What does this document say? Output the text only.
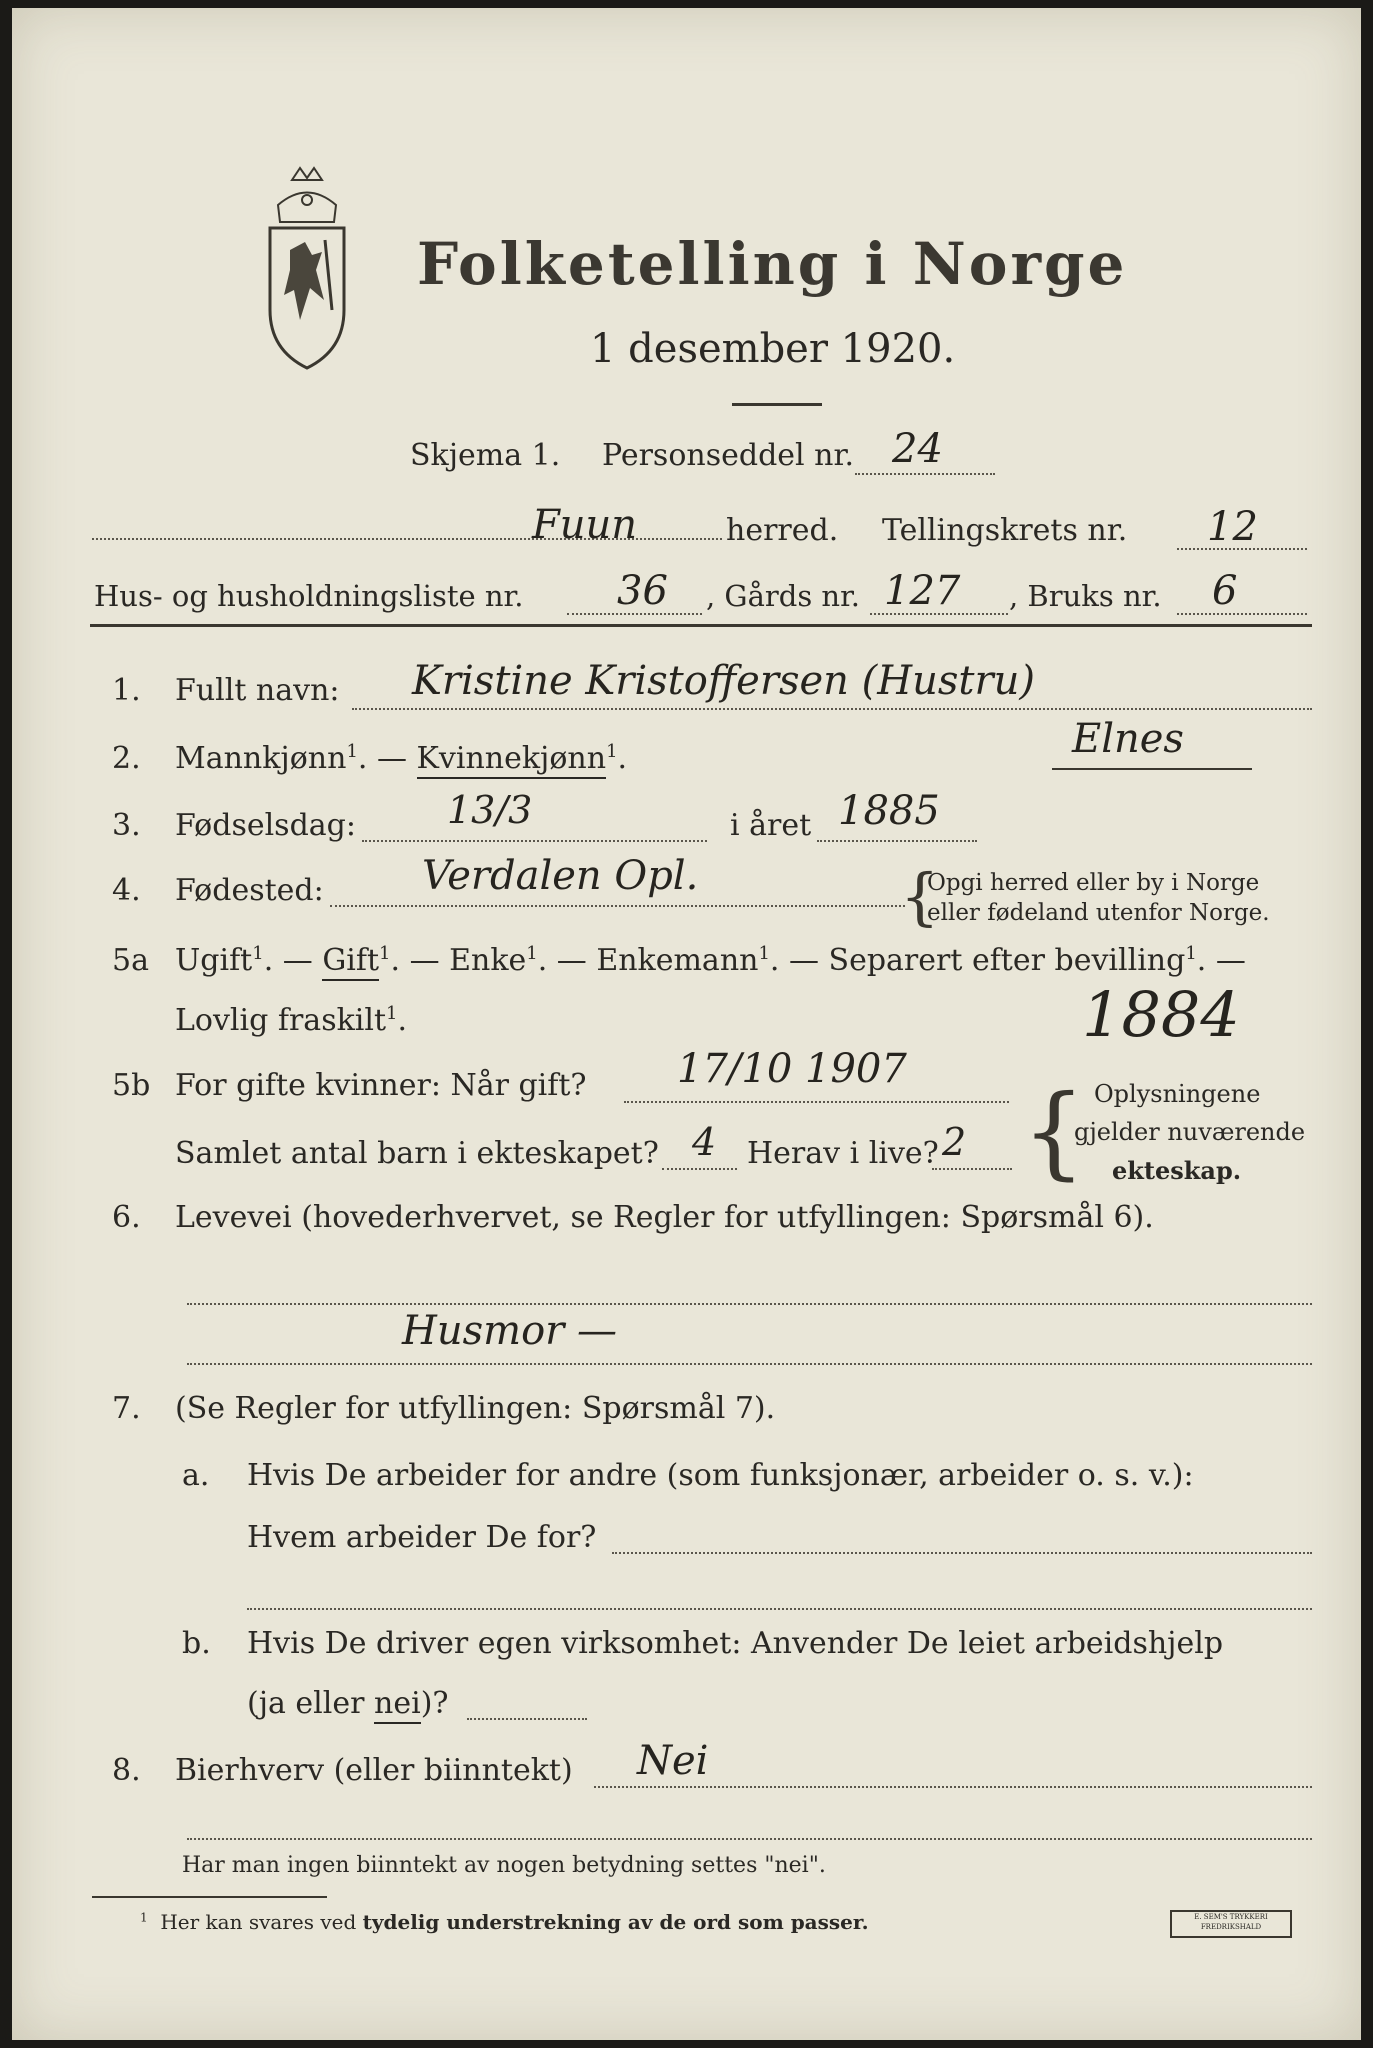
Folketelling i Norge
1 desember 1920.
Skjema 1. Personseddel nr. 24
Fuun	herred. Tellingskrets nr. 12
Hus- og husholdningsliste nr. 36 , Gårds nr. 127 , Bruks nr. 6
1. Fullt navn: Kristine Kristoffersen (Hustru)
Elnes
2. Mannkjønn$^1$. — Kvinnekjønn$^1$.
3. Fødselsdag: 13/3	i året 1885
4. Fødested: Verdalen Opl.	{
Opgi herred eller by i Norge
eller fødeland utenfor Norge.
5a Ugift$^1$. — Gift$^1$. — Enke$^1$. — Enkemann$^1$. — Separert efter bevilling$^1$. —
Lovlig fraskilt$^1$.	1884
5b For gifte kvinner: Når gift? 17/10 1907
Samlet antal barn i ekteskapet? 4 Herav i live? 2 { Oplysningene
gjelder nuværende
ekteskap.
6. Levevei (hovederhvervet, se Regler for utfyllingen: Spørsmål 6).
Husmor —
7. (Se Regler for utfyllingen: Spørsmål 7).
a. Hvis De arbeider for andre (som funksjonær, arbeider o. s. v.):
Hvem arbeider De for?
b. Hvis De driver egen virksomhet: Anvender De leiet arbeidshjelp
(ja eller nei)?
8. Bierhverv (eller biinntekt) Nei
Har man ingen biinntekt av nogen betydning settes "nei".
$^1$ Her kan svares ved tydelig understrekning av de ord som passer.	E. SEM'S TRYKKERI FREDRIKSHALD
